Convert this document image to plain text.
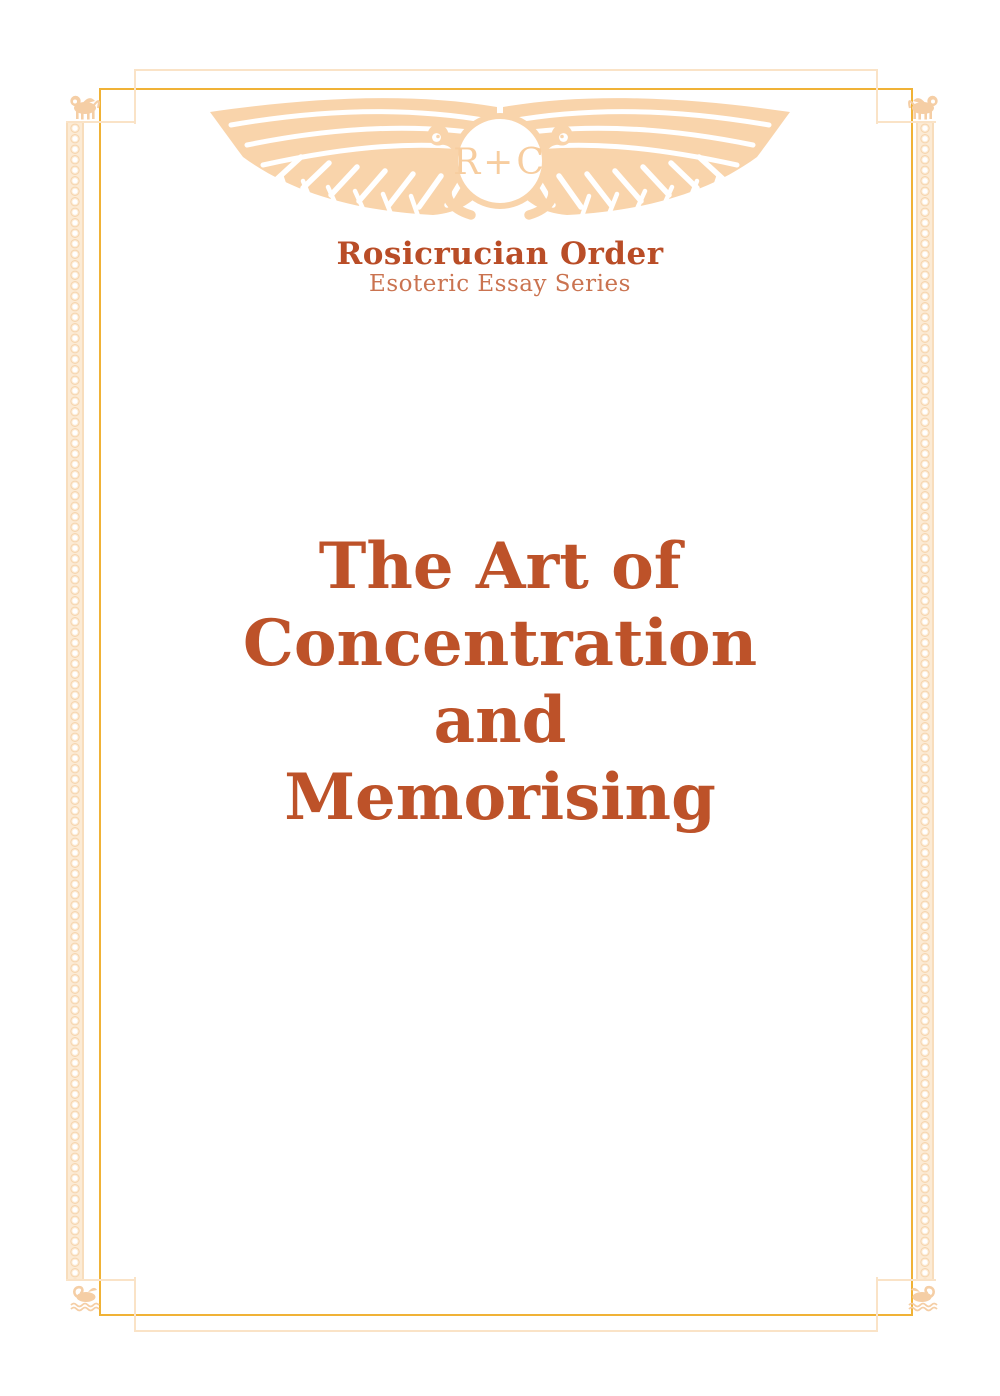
R+C
Rosicrucian Order
Esoteric Essay Series
The Art of
Concentration
and
Memorising
